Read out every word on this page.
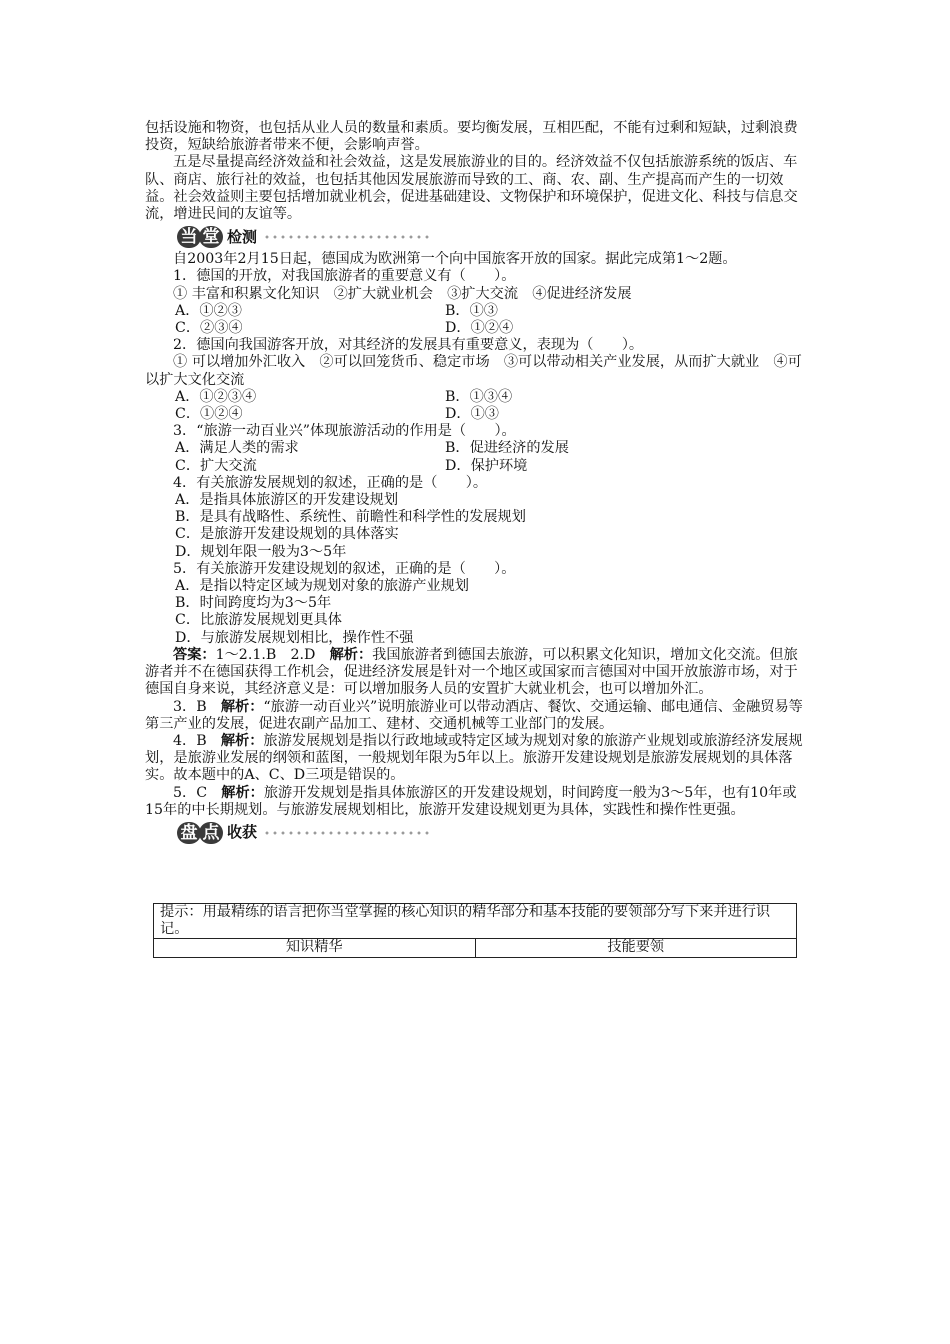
包括设施和物资，也包括从业人员的数量和素质。要均衡发展，互相匹配，不能有过剩和短缺，过剩浪费投资，短缺给旅游者带来不便，会影响声誉。

五是尽量提高经济效益和社会效益，这是发展旅游业的目的。经济效益不仅包括旅游系统的饭店、车队、商店、旅行社的效益，也包括其他因发展旅游而导致的工、商、农、副、生产提高而产生的一切效益。社会效益则主要包括增加就业机会，促进基础建设、文物保护和环境保护，促进文化、科技与信息交流，增进民间的友谊等。

当 堂 检测

自2003年2月15日起，德国成为欧洲第一个向中国旅客开放的国家。据此完成第1～2题。

1．德国的开放，对我国旅游者的重要意义有（　　）。

① 丰富和积累文化知识　②扩大就业机会　③扩大交流　④促进经济发展

A．①②③	B．①③
C．②③④	D．①②④

2．德国向我国游客开放，对其经济的发展具有重要意义，表现为（　　）。

① 可以增加外汇收入　②可以回笼货币、稳定市场　③可以带动相关产业发展，从而扩大就业　④可以扩大文化交流

A．①②③④	B．①③④
C．①②④	D．①③

3．“旅游一动百业兴”体现旅游活动的作用是（　　）。

A．满足人类的需求	B．促进经济的发展
C．扩大交流	D．保护环境

4．有关旅游发展规划的叙述，正确的是（　　）。

A．是指具体旅游区的开发建设规划

B．是具有战略性、系统性、前瞻性和科学性的发展规划

C．是旅游开发建设规划的具体落实

D．规划年限一般为3～5年

5．有关旅游开发建设规划的叙述，正确的是（　　）。

A．是指以特定区域为规划对象的旅游产业规划

B．时间跨度均为3～5年

C．比旅游发展规划更具体

D．与旅游发展规划相比，操作性不强

答案：1～2.1.B　2.D　解析：我国旅游者到德国去旅游，可以积累文化知识，增加文化交流。但旅游者并不在德国获得工作机会，促进经济发展是针对一个地区或国家而言德国对中国开放旅游市场，对于德国自身来说，其经济意义是：可以增加服务人员的安置扩大就业机会，也可以增加外汇。

3．B　解析：“旅游一动百业兴”说明旅游业可以带动酒店、餐饮、交通运输、邮电通信、金融贸易等第三产业的发展，促进农副产品加工、建材、交通机械等工业部门的发展。

4．B　解析：旅游发展规划是指以行政地域或特定区域为规划对象的旅游产业规划或旅游经济发展规划，是旅游业发展的纲领和蓝图，一般规划年限为5年以上。旅游开发建设规划是旅游发展规划的具体落实。故本题中的A、C、D三项是错误的。

5．C　解析：旅游开发规划是指具体旅游区的开发建设规划，时间跨度一般为3～5年，也有10年或15年的中长期规划。与旅游发展规划相比，旅游开发建设规划更为具体，实践性和操作性更强。

盘 点 收获
提示：用最精练的语言把你当堂掌握的核心知识的精华部分和基本技能的要领部分写下来并进行识记。
知识精华	技能要领
